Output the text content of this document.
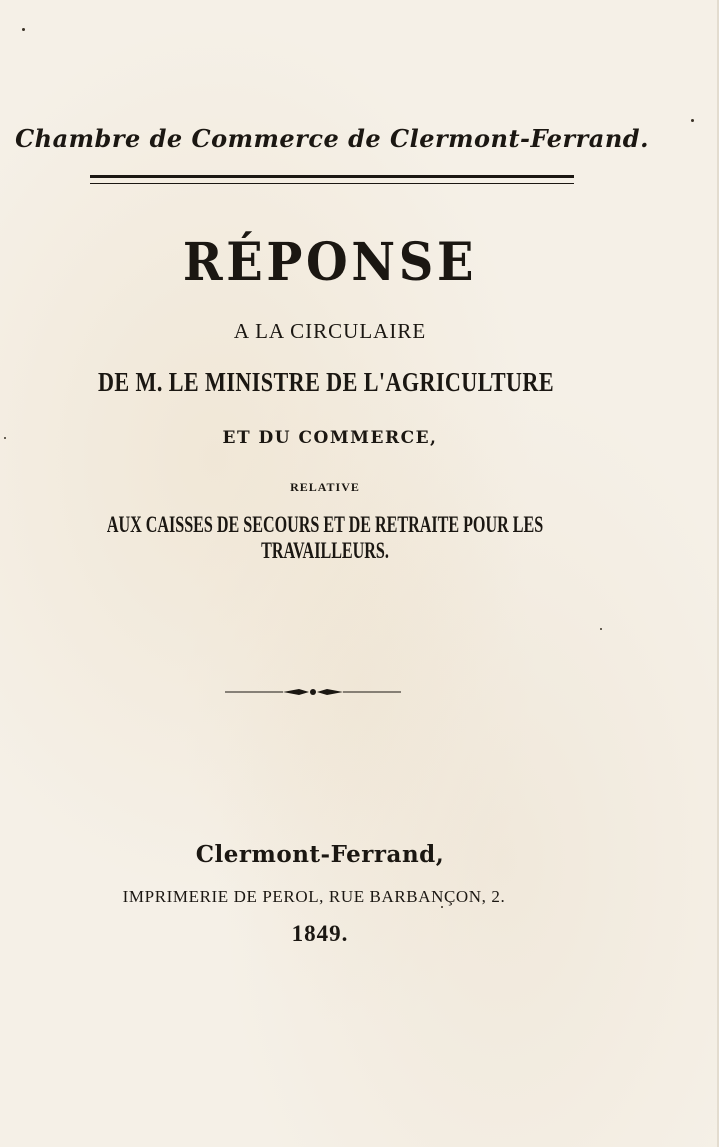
Chambre de Commerce de Clermont-Ferrand.
RÉPONSE
A LA CIRCULAIRE
DE M. LE MINISTRE DE L'AGRICULTURE
ET DU COMMERCE,
RELATIVE
AUX CAISSES DE SECOURS ET DE RETRAITE POUR LES TRAVAILLEURS.
Clermont-Ferrand,
IMPRIMERIE DE PEROL, RUE BARBANÇON, 2.
1849.
